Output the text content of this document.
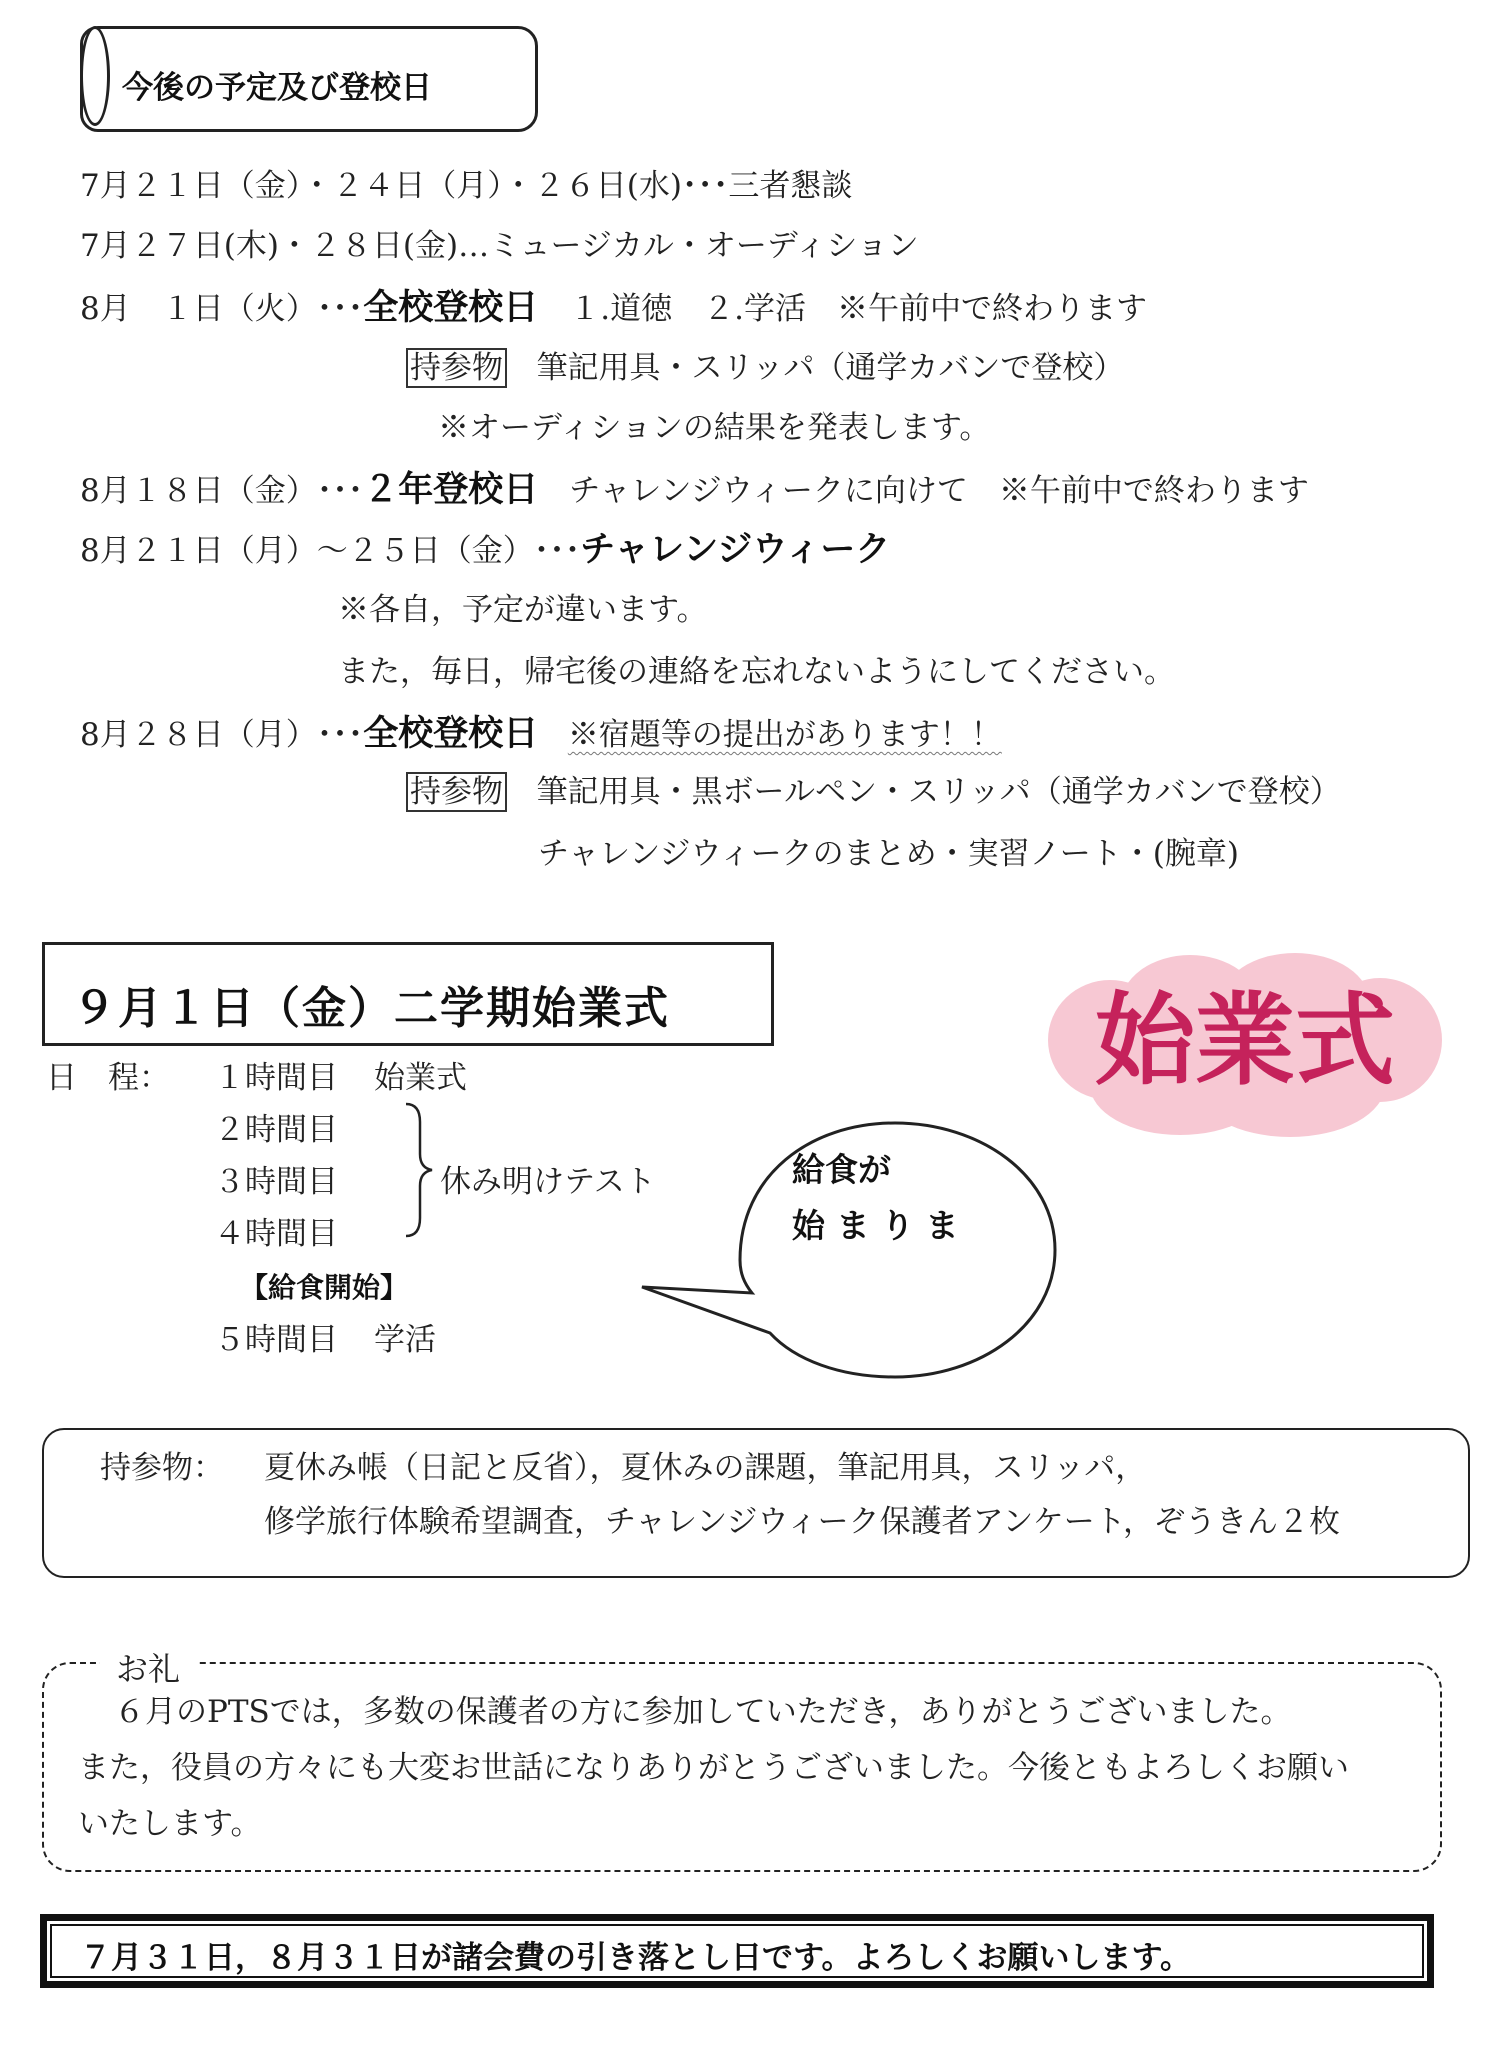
今後の予定及び登校日
7月２１日（金）・２４日（月）・２６日(水)･･･三者懇談
7月２７日(木)・２８日(金)…ミュージカル・オーディション
8月　１日（火）･･･全校登校日　１.道徳　２.学活　※午前中で終わります
持参物 筆記用具・スリッパ（通学カバンで登校）
※オーディションの結果を発表します。
8月１８日（金）･･･２年登校日　チャレンジウィークに向けて　※午前中で終わります
8月２１日（月）～２５日（金）･･･チャレンジウィーク
※各自，予定が違います。
また，毎日，帰宅後の連絡を忘れないようにしてください。
8月２８日（月）･･･全校登校日 ※宿題等の提出があります！！
持参物 筆記用具・黒ボールペン・スリッパ（通学カバンで登校）
チャレンジウィークのまとめ・実習ノート・(腕章)
９月１日（金）二学期始業式
日　程： １時間目 始業式
２時間目
３時間目	休み明けテスト
４時間目
【給食開始】
５時間目 学活
給食が
始 ま り ま
始業式
持参物： 夏休み帳（日記と反省），夏休みの課題，筆記用具，スリッパ，
修学旅行体験希望調査，チャレンジウィーク保護者アンケート，ぞうきん２枚
お礼
６月のPTSでは，多数の保護者の方に参加していただき，ありがとうございました。
また，役員の方々にも大変お世話になりありがとうございました。今後ともよろしくお願い
いたします。
７月３１日，８月３１日が諸会費の引き落とし日です。よろしくお願いします。
